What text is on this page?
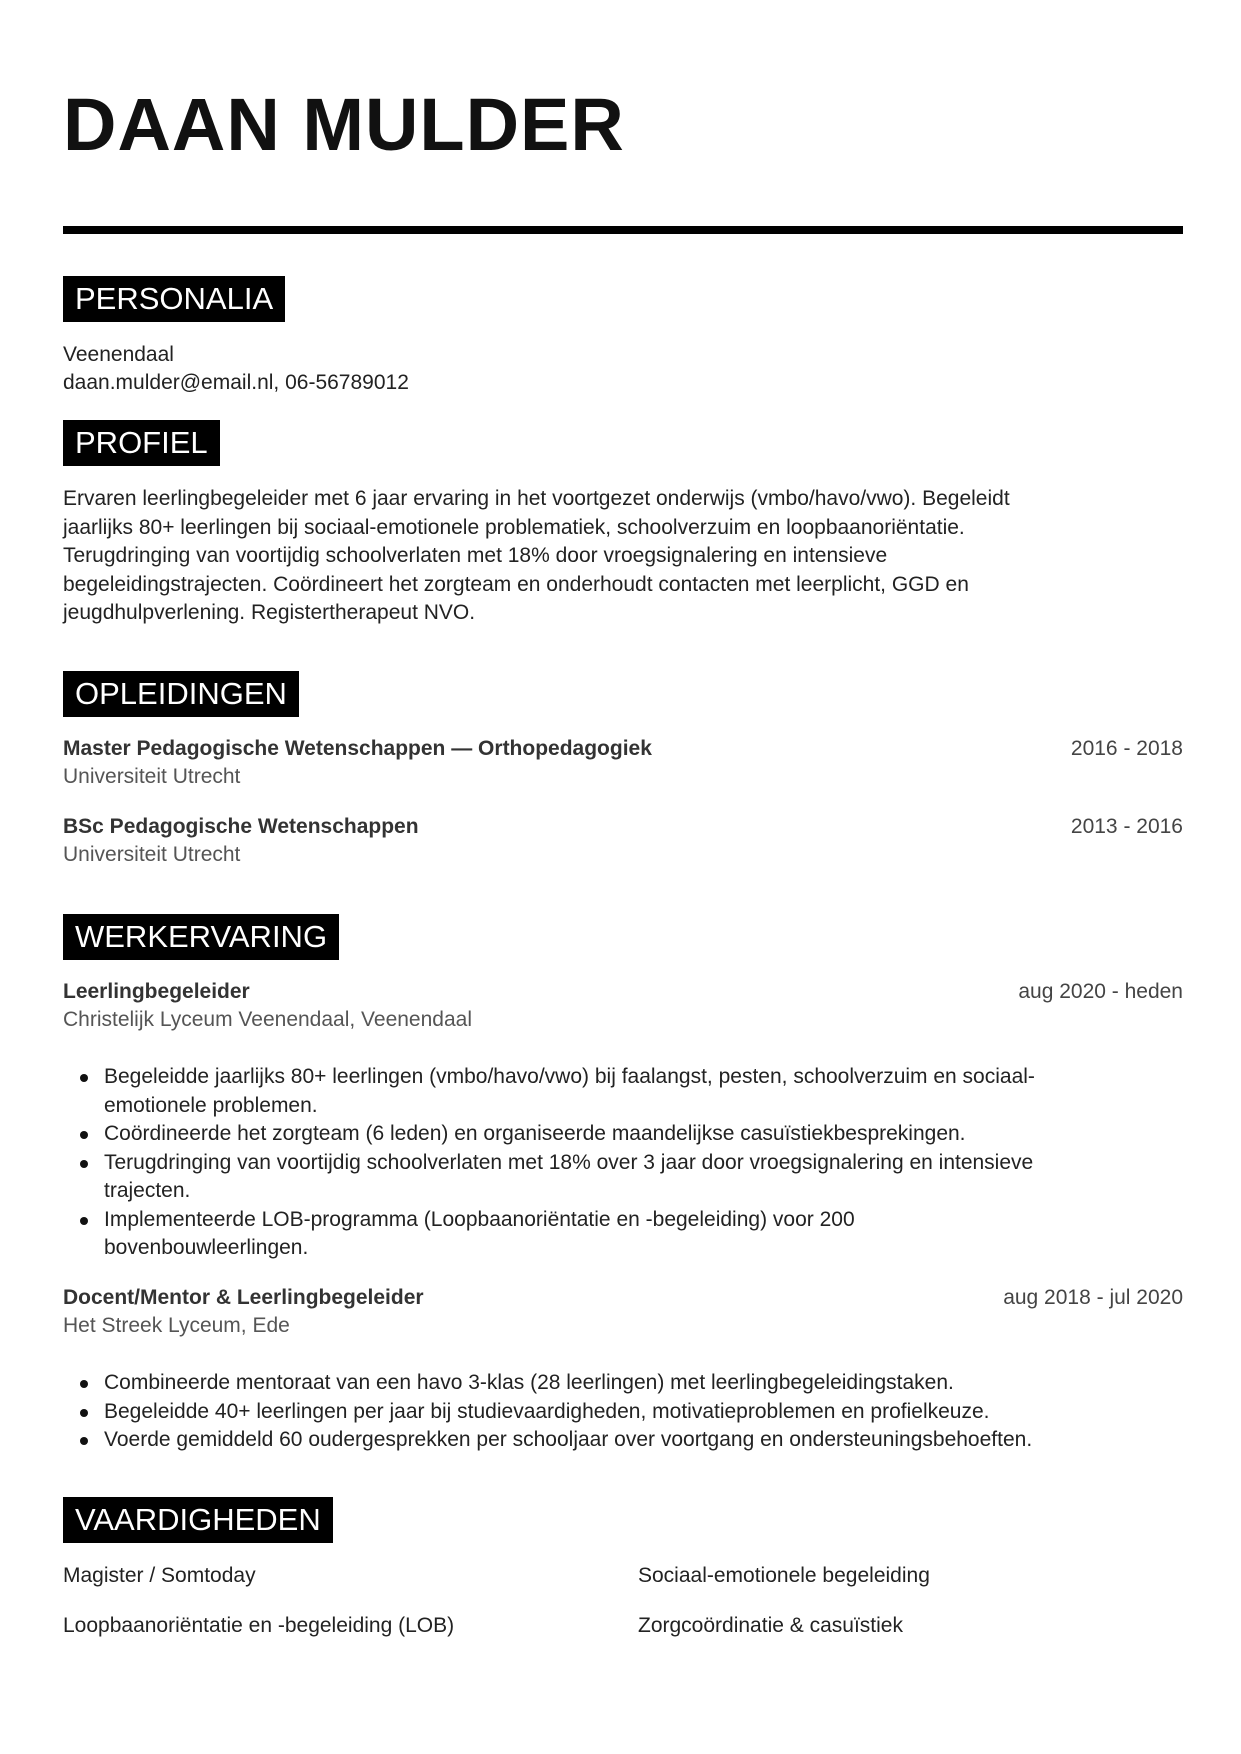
DAAN MULDER
PERSONALIA
Veenendaal
daan.mulder@email.nl, 06-56789012
PROFIEL
Ervaren leerlingbegeleider met 6 jaar ervaring in het voortgezet onderwijs (vmbo/havo/vwo). Begeleidt
jaarlijks 80+ leerlingen bij sociaal-emotionele problematiek, schoolverzuim en loopbaanoriëntatie.
Terugdringing van voortijdig schoolverlaten met 18% door vroegsignalering en intensieve
begeleidingstrajecten. Coördineert het zorgteam en onderhoudt contacten met leerplicht, GGD en
jeugdhulpverlening. Registertherapeut NVO.
OPLEIDINGEN
Master Pedagogische Wetenschappen — Orthopedagogiek	2016 - 2018
Universiteit Utrecht
BSc Pedagogische Wetenschappen	2013 - 2016
Universiteit Utrecht
WERKERVARING
Leerlingbegeleider	aug 2020 - heden
Christelijk Lyceum Veenendaal, Veenendaal
Begeleidde jaarlijks 80+ leerlingen (vmbo/havo/vwo) bij faalangst, pesten, schoolverzuim en sociaal-
emotionele problemen.
Coördineerde het zorgteam (6 leden) en organiseerde maandelijkse casuïstiekbesprekingen.
Terugdringing van voortijdig schoolverlaten met 18% over 3 jaar door vroegsignalering en intensieve
trajecten.
Implementeerde LOB-programma (Loopbaanoriëntatie en -begeleiding) voor 200
bovenbouwleerlingen.
Docent/Mentor & Leerlingbegeleider	aug 2018 - jul 2020
Het Streek Lyceum, Ede
Combineerde mentoraat van een havo 3-klas (28 leerlingen) met leerlingbegeleidingstaken.
Begeleidde 40+ leerlingen per jaar bij studievaardigheden, motivatieproblemen en profielkeuze.
Voerde gemiddeld 60 oudergesprekken per schooljaar over voortgang en ondersteuningsbehoeften.
VAARDIGHEDEN
Magister / Somtoday	Sociaal-emotionele begeleiding
Loopbaanoriëntatie en -begeleiding (LOB)	Zorgcoördinatie & casuïstiek
